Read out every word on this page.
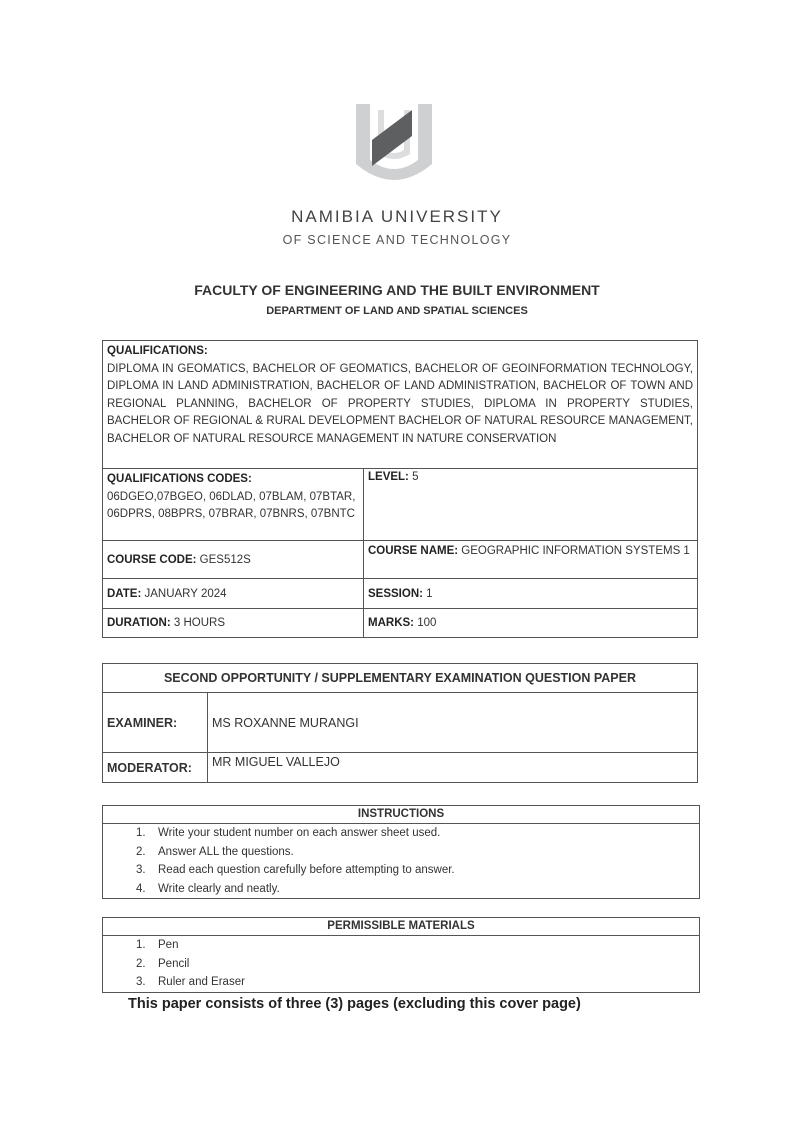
NAMIBIA UNIVERSITY
OF SCIENCE AND TECHNOLOGY
FACULTY OF ENGINEERING AND THE BUILT ENVIRONMENT
DEPARTMENT OF LAND AND SPATIAL SCIENCES
QUALIFICATIONS:
DIPLOMA IN GEOMATICS, BACHELOR OF GEOMATICS, BACHELOR OF GEOINFORMATION TECHNOLOGY, DIPLOMA IN LAND ADMINISTRATION, BACHELOR OF LAND ADMINISTRATION, BACHELOR OF TOWN AND REGIONAL PLANNING, BACHELOR OF PROPERTY STUDIES, DIPLOMA IN PROPERTY STUDIES, BACHELOR OF REGIONAL & RURAL DEVELOPMENT BACHELOR OF NATURAL RESOURCE MANAGEMENT, BACHELOR OF NATURAL RESOURCE MANAGEMENT IN NATURE CONSERVATION	
QUALIFICATIONS CODES:
06DGEO,07BGEO, 06DLAD, 07BLAM, 07BTAR, 06DPRS, 08BPRS, 07BRAR, 07BNRS, 07BNTC	LEVEL: 5
COURSE CODE: GES512S	COURSE NAME: GEOGRAPHIC INFORMATION SYSTEMS 1
DATE: JANUARY 2024	SESSION: 1
DURATION: 3 HOURS	MARKS: 100
SECOND OPPORTUNITY / SUPPLEMENTARY EXAMINATION QUESTION PAPER	
EXAMINER:	MS ROXANNE MURANGI
MODERATOR:	MR MIGUEL VALLEJO
INSTRUCTIONS
1. Write your student number on each answer sheet used.
2. Answer ALL the questions.
3. Read each question carefully before attempting to answer.
4. Write clearly and neatly.
PERMISSIBLE MATERIALS
1. Pen
2. Pencil
3. Ruler and Eraser
This paper consists of three (3) pages (excluding this cover page)
